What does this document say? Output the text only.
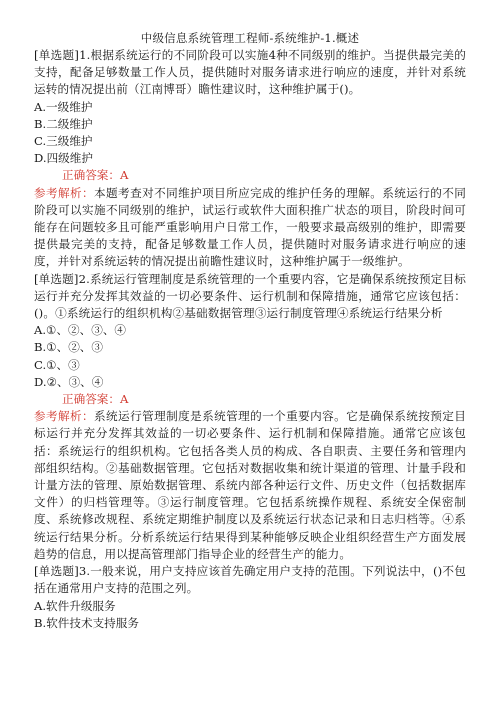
中级信息系统管理工程师-系统维护-1.概述

[单选题]1.根据系统运行的不同阶段可以实施4种不同级别的维护。当提供最完美的支持，配备足够数量工作人员，提供随时对服务请求进行响应的速度，并针对系统运转的情况提出前（江南博哥）瞻性建议时，这种维护属于()。

A.一级维护

B.二级维护

C.三级维护

D.四级维护

正确答案：A

参考解析：本题考查对不同维护项目所应完成的维护任务的理解。系统运行的不同阶段可以实施不同级别的维护，试运行或软件大面积推广状态的项目，阶段时间可能存在问题较多且可能严重影响用户日常工作，一般要求最高级别的维护，即需要提供最完美的支持，配备足够数量工作人员，提供随时对服务请求进行响应的速度，并针对系统运转的情况提出前瞻性建议时，这种维护属于一级维护。

[单选题]2.系统运行管理制度是系统管理的一个重要内容，它是确保系统按预定目标运行并充分发挥其效益的一切必要条件、运行机制和保障措施，通常它应该包括：()。①系统运行的组织机构②基础数据管理③运行制度管理④系统运行结果分析

A.①、②、③、④

B.①、②、③

C.①、③

D.②、③、④

正确答案：A

参考解析：系统运行管理制度是系统管理的一个重要内容。它是确保系统按预定目标运行并充分发挥其效益的一切必要条件、运行机制和保障措施。通常它应该包括：系统运行的组织机构。它包括各类人员的构成、各自职责、主要任务和管理内部组织结构。②基础数据管理。它包括对数据收集和统计渠道的管理、计量手段和计量方法的管理、原始数据管理、系统内部各种运行文件、历史文件（包括数据库文件）的归档管理等。③运行制度管理。它包括系统操作规程、系统安全保密制度、系统修改规程、系统定期维护制度以及系统运行状态记录和日志归档等。④系统运行结果分析。分析系统运行结果得到某种能够反映企业组织经营生产方面发展趋势的信息，用以提高管理部门指导企业的经营生产的能力。

[单选题]3.一般来说，用户支持应该首先确定用户支持的范围。下列说法中，()不包括在通常用户支持的范围之列。

A.软件升级服务

B.软件技术支持服务
